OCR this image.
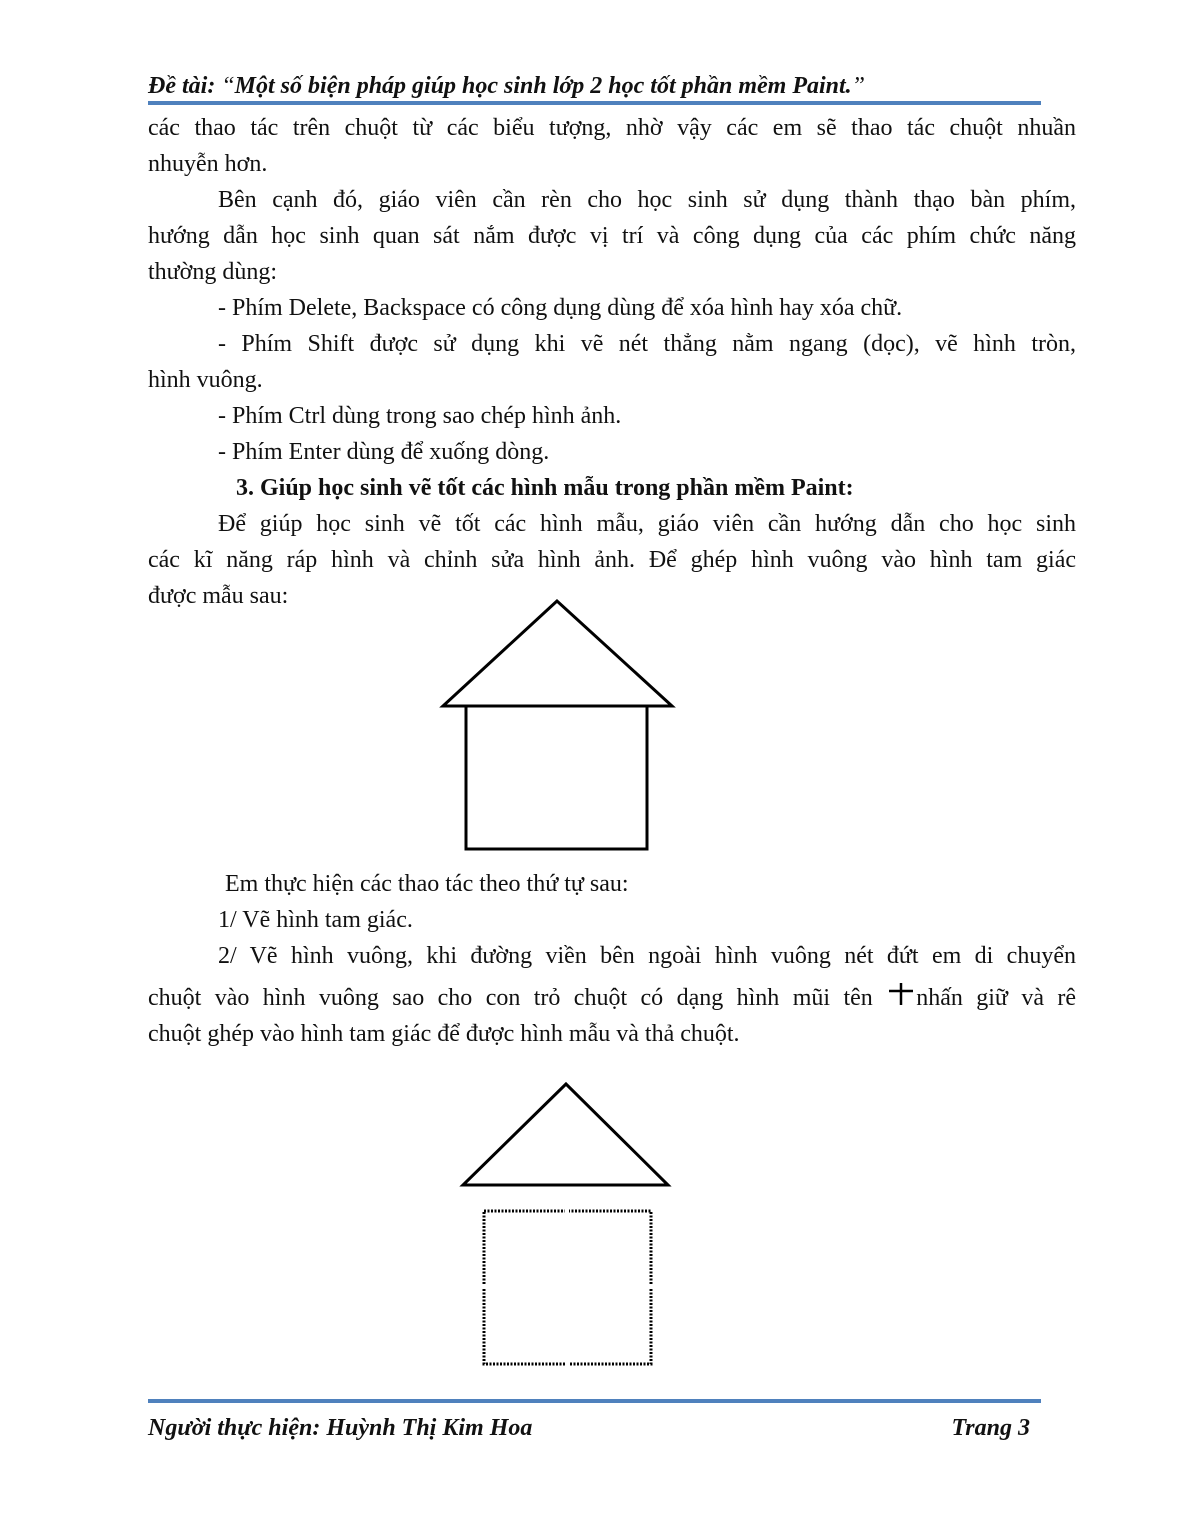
Đề tài: “Một số biện pháp giúp học sinh lớp 2 học tốt phần mềm Paint.”
các thao tác trên chuột từ các biểu tượng, nhờ vậy các em sẽ thao tác chuột nhuần
nhuyễn hơn.
Bên cạnh đó, giáo viên cần rèn cho học sinh sử dụng thành thạo bàn phím,
hướng dẫn học sinh quan sát nắm được vị trí và công dụng của các phím chức năng
thường dùng:
- Phím Delete, Backspace có công dụng dùng để xóa hình hay xóa chữ.
- Phím Shift được sử dụng khi vẽ nét thẳng nằm ngang (dọc), vẽ hình tròn,
hình vuông.
- Phím Ctrl dùng trong sao chép hình ảnh.
- Phím Enter dùng để xuống dòng.
3. Giúp học sinh vẽ tốt các hình mẫu trong phần mềm Paint:
Để giúp học sinh vẽ tốt các hình mẫu, giáo viên cần hướng dẫn cho học sinh
các kĩ năng ráp hình và chỉnh sửa hình ảnh. Để ghép hình vuông vào hình tam giác
được mẫu sau:
Em thực hiện các thao tác theo thứ tự sau:
1/ Vẽ hình tam giác.
2/ Vẽ hình vuông, khi đường viền bên ngoài hình vuông nét đứt em di chuyển
chuột vào hình vuông sao cho con trỏ chuột có dạng hình mũi tên nhấn giữ và rê
chuột ghép vào hình tam giác để được hình mẫu và thả chuột.
Người thực hiện: Huỳnh Thị Kim Hoa	Trang 3
